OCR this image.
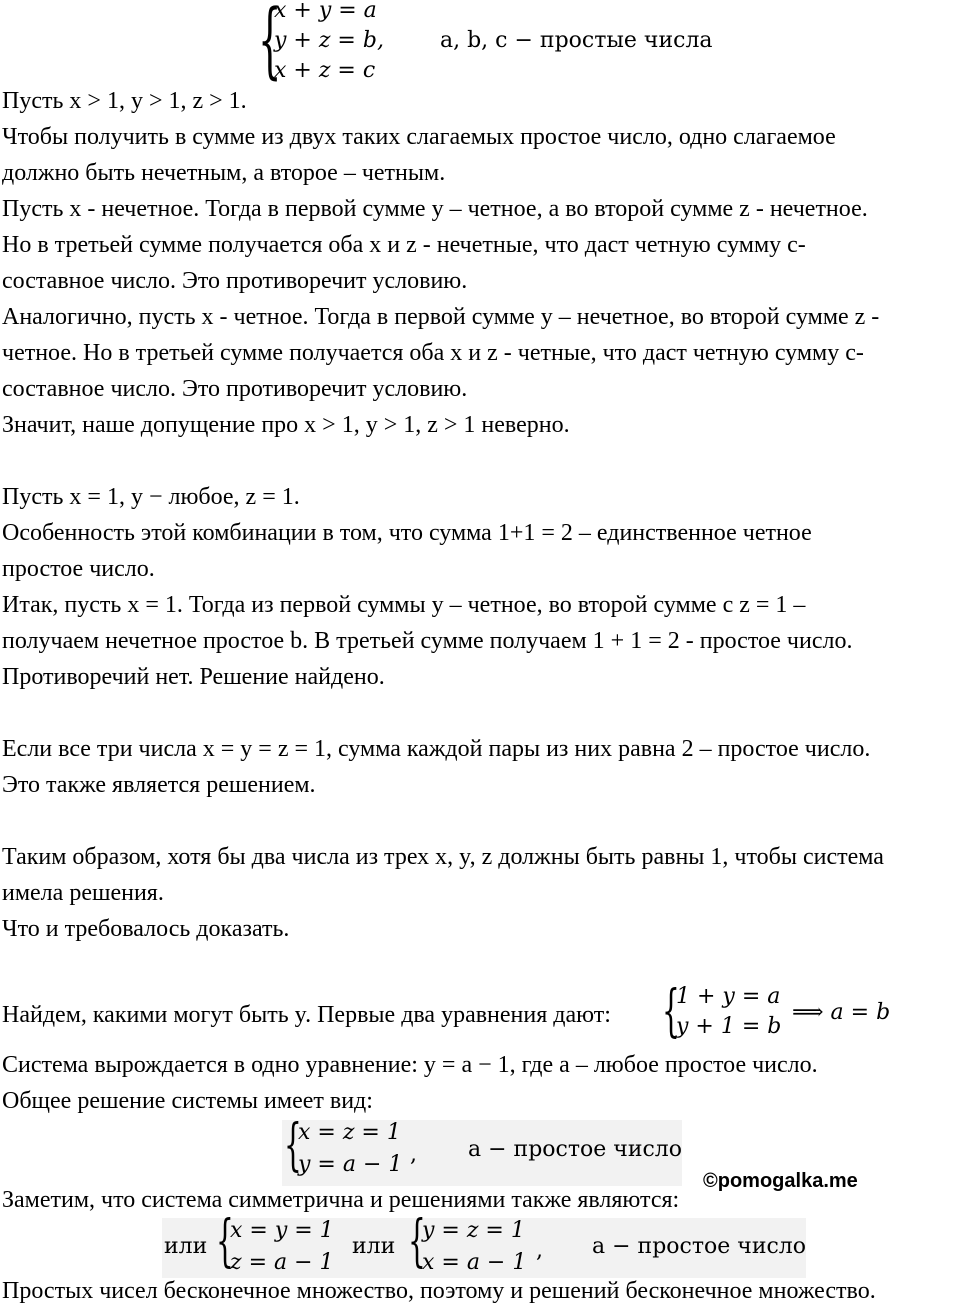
{
x + y = a
y + z = b,
x + z = c
a, b, c − простые числа
Пусть x > 1, y > 1, z > 1.
Чтобы получить в сумме из двух таких слагаемых простое число, одно слагаемое
должно быть нечетным, а второе – четным.
Пусть x - нечетное. Тогда в первой сумме y – четное, а во второй сумме z - нечетное.
Но в третьей сумме получается оба x и z - нечетные, что даст четную сумму c-
составное число. Это противоречит условию.
Аналогично, пусть x - четное. Тогда в первой сумме y – нечетное, во второй сумме z -
четное. Но в третьей сумме получается оба x и z - четные, что даст четную сумму c-
составное число. Это противоречит условию.
Значит, наше допущение про x > 1, y > 1, z > 1 неверно.
Пусть x = 1, y − любое, z = 1.
Особенность этой комбинации в том, что сумма 1+1 = 2 – единственное четное
простое число.
Итак, пусть x = 1. Тогда из первой суммы y – четное, во второй сумме с z = 1 –
получаем нечетное простое b. В третьей сумме получаем 1 + 1 = 2 - простое число.
Противоречий нет. Решение найдено.
Если все три числа x = y = z = 1, сумма каждой пары из них равна 2 – простое число.
Это также является решением.
Таким образом, хотя бы два числа из трех x, y, z должны быть равны 1, чтобы система
имела решения.
Что и требовалось доказать.
Найдем, какими могут быть y. Первые два уравнения дают: {
1 + y = a
y + 1 = b
⟹ a = b
Система вырождается в одно уравнение: y = a − 1, где a – любое простое число.
Общее решение системы имеет вид:
{
x = z = 1
y = a − 1 , a − простое число
©pomogalka.me
Заметим, что система симметрична и решениями также являются:
или {
x = y = 1
z = a − 1
или {
y = z = 1
x = a − 1 , a − простое число
Простых чисел бесконечное множество, поэтому и решений бесконечное множество.
